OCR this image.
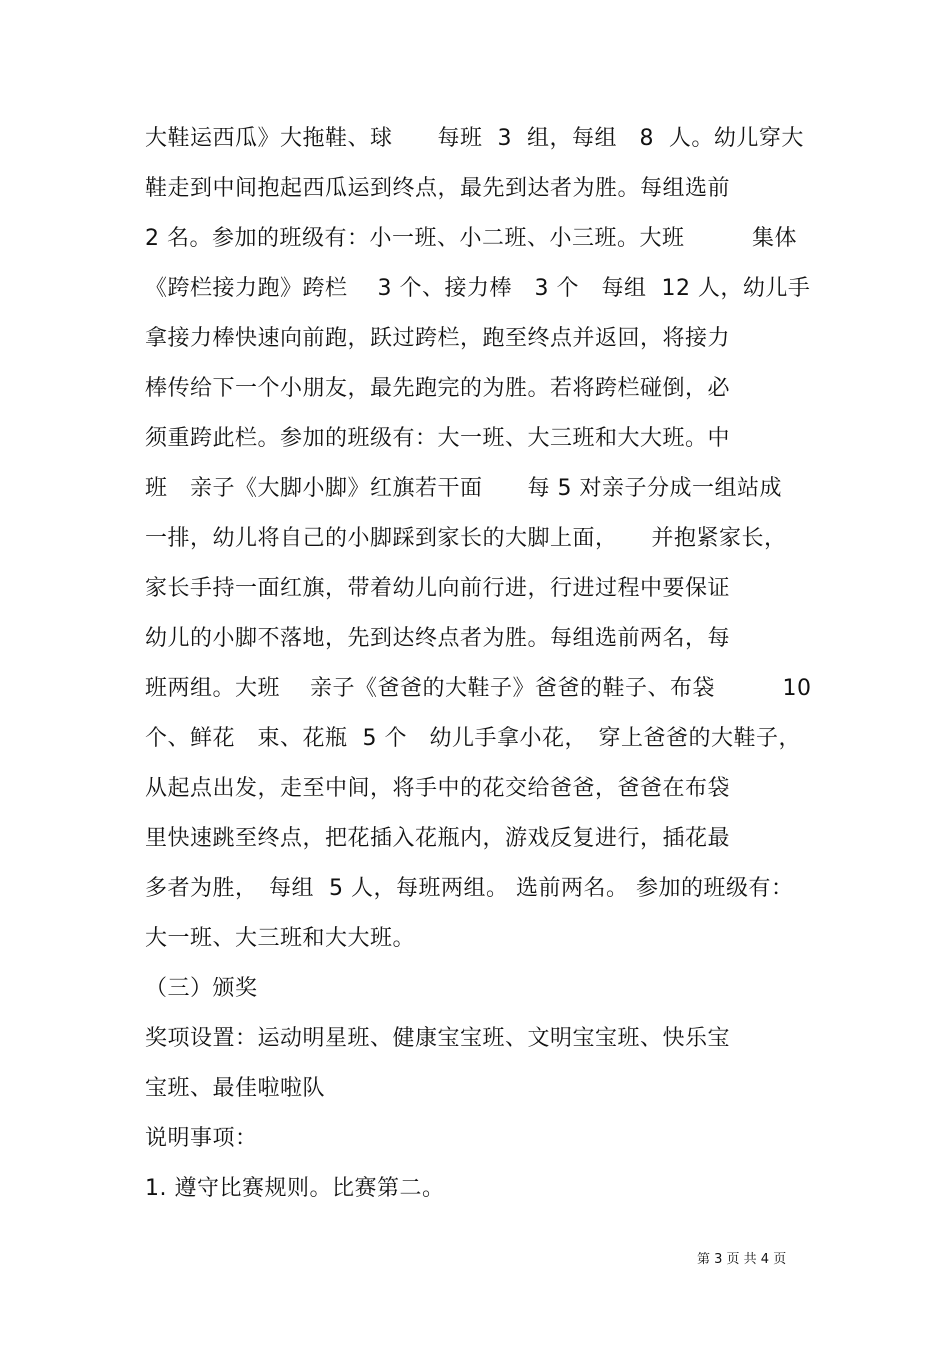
大鞋运西瓜》大拖鞋、球　　每班  3  组，每组   8  人。幼儿穿大
鞋走到中间抱起西瓜运到终点，最先到达者为胜。每组选前
2 名。参加的班级有：小一班、小二班、小三班。大班　　　集体
《跨栏接力跑》跨栏　 3 个、接力棒   3 个　每组  12 人，幼儿手
拿接力棒快速向前跑，跃过跨栏，跑至终点并返回，将接力
棒传给下一个小朋友，最先跑完的为胜。若将跨栏碰倒，必
须重跨此栏。参加的班级有：大一班、大三班和大大班。中
班　亲子《大脚小脚》红旗若干面　　每 5 对亲子分成一组站成
一排，幼儿将自己的小脚踩到家长的大脚上面，　　并抱紧家长，
家长手持一面红旗，带着幼儿向前行进，行进过程中要保证
幼儿的小脚不落地，先到达终点者为胜。每组选前两名，每
班两组。大班　 亲子《爸爸的大鞋子》爸爸的鞋子、布袋　　　10
个、鲜花　束、花瓶  5 个　幼儿手拿小花，　穿上爸爸的大鞋子，
从起点出发，走至中间，将手中的花交给爸爸，爸爸在布袋
里快速跳至终点，把花插入花瓶内，游戏反复进行，插花最
多者为胜，　每组  5 人，每班两组。 选前两名。 参加的班级有：
大一班、大三班和大大班。
（三）颁奖
奖项设置：运动明星班、健康宝宝班、文明宝宝班、快乐宝
宝班、最佳啦啦队
说明事项：
1. 遵守比赛规则。比赛第二。
第 3 页 共 4 页
